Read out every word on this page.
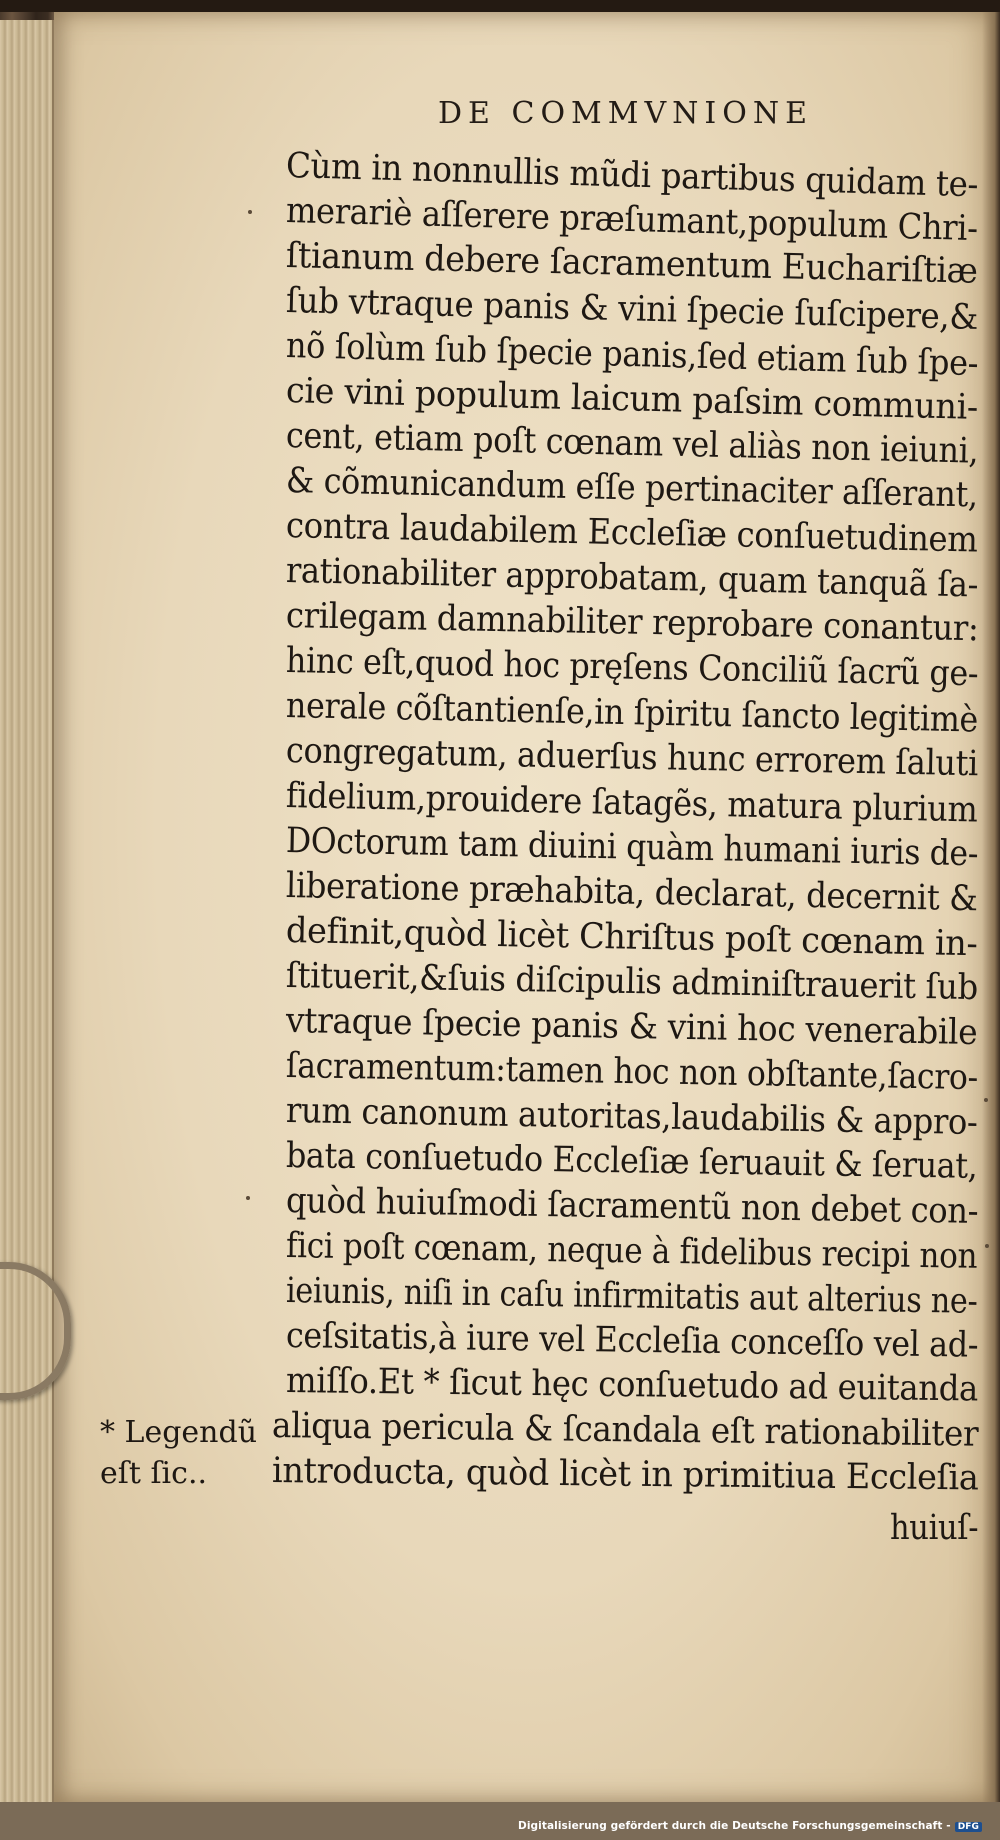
DE COMMVNIONE
Cùm in nonnullis mũdi partibus quidam te-
merariè aſſerere præſumant,populum Chri-
ſtianum debere ſacramentum Euchariſtiæ
ſub vtraque panis & vini ſpecie ſuſcipere,&
nõ ſolùm ſub ſpecie panis,ſed etiam ſub ſpe-
cie vini populum laicum paſsim communi-
cent, etiam poſt cœnam vel aliàs non ieiuni,
& cõmunicandum eſſe pertinaciter aſſerant,
contra laudabilem Eccleſiæ conſuetudinem
rationabiliter approbatam, quam tanquã ſa-
crilegam damnabiliter reprobare conantur:
hinc eſt,quod hoc pręſens Conciliũ ſacrũ ge-
nerale cõſtantienſe,in ſpiritu ſancto legitimè
congregatum, aduerſus hunc errorem ſaluti
fidelium,prouidere ſatagẽs, matura plurium
DOctorum tam diuini quàm humani iuris de-
liberatione præhabita, declarat, decernit &
definit,quòd licèt Chriſtus poſt cœnam in-
ſtituerit,&ſuis diſcipulis adminiſtrauerit ſub
vtraque ſpecie panis & vini hoc venerabile
ſacramentum:tamen hoc non obſtante,ſacro-
rum canonum autoritas,laudabilis & appro-
bata conſuetudo Eccleſiæ ſeruauit & ſeruat,
quòd huiuſmodi ſacramentũ non debet con-
fici poſt cœnam, neque à fidelibus recipi non
ieiunis, niſi in caſu infirmitatis aut alterius ne-
ceſsitatis,à iure vel Eccleſia conceſſo vel ad-
miſſo.Et * ſicut hęc conſuetudo ad euitanda
aliqua pericula & ſcandala eſt rationabiliter
introducta, quòd licèt in primitiua Eccleſia
huiuſ-
* Legendũ
eſt ſic..
Digitalisierung gefördert durch die Deutsche Forschungsgemeinschaft - DFG
